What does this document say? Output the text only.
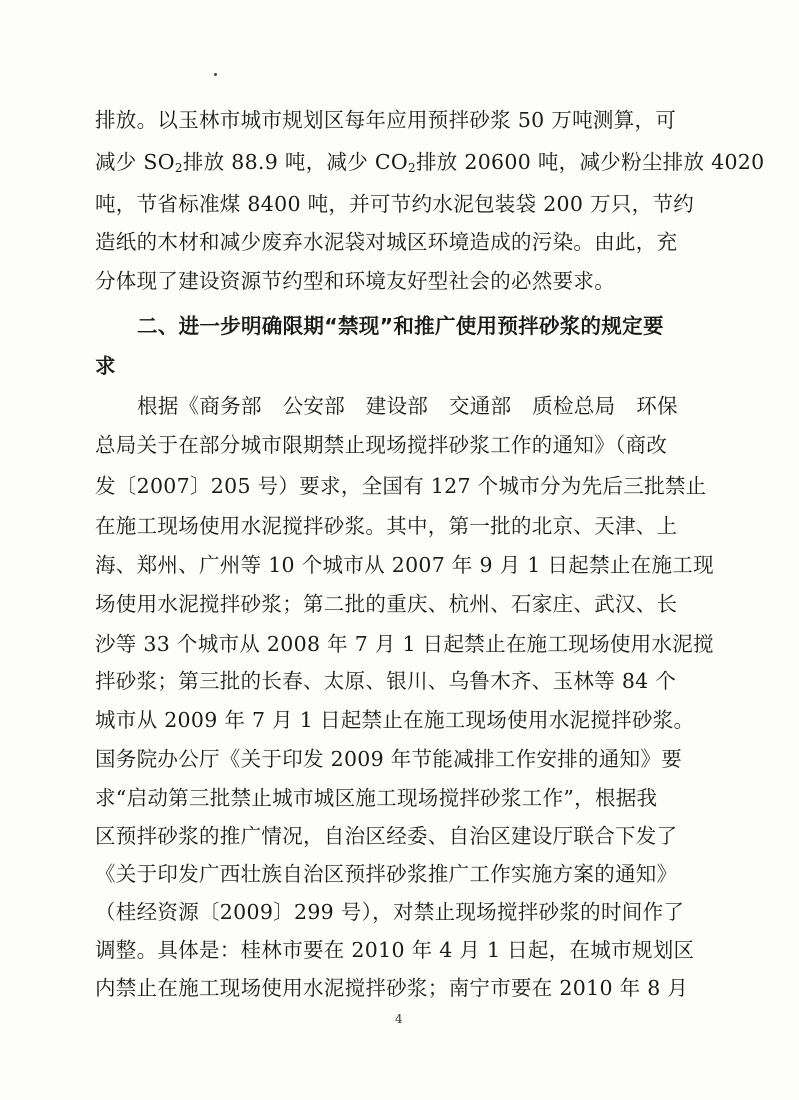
排放。以玉林市城市规划区每年应用预拌砂浆 50 万吨测算，可
减少 $SO_2$排放 88.9 吨，减少 $CO_2$排放 20600 吨，减少粉尘排放 4020
吨，节省标准煤 8400 吨，并可节约水泥包装袋 200 万只，节约
造纸的木材和减少废弃水泥袋对城区环境造成的污染。由此，充
分体现了建设资源节约型和环境友好型社会的必然要求。
二、进一步明确限期“禁现”和推广使用预拌砂浆的规定要
求
根据《商务部　公安部　建设部　交通部　质检总局　环保
总局关于在部分城市限期禁止现场搅拌砂浆工作的通知》（商改
发〔2007〕205 号）要求，全国有 127 个城市分为先后三批禁止
在施工现场使用水泥搅拌砂浆。其中，第一批的北京、天津、上
海、郑州、广州等 10 个城市从 2007 年 9 月 1 日起禁止在施工现
场使用水泥搅拌砂浆；第二批的重庆、杭州、石家庄、武汉、长
沙等 33 个城市从 2008 年 7 月 1 日起禁止在施工现场使用水泥搅
拌砂浆；第三批的长春、太原、银川、乌鲁木齐、玉林等 84 个
城市从 2009 年 7 月 1 日起禁止在施工现场使用水泥搅拌砂浆。
国务院办公厅《关于印发 2009 年节能减排工作安排的通知》要
求“启动第三批禁止城市城区施工现场搅拌砂浆工作”，根据我
区预拌砂浆的推广情况，自治区经委、自治区建设厅联合下发了
《关于印发广西壮族自治区预拌砂浆推广工作实施方案的通知》
（桂经资源〔2009〕299 号），对禁止现场搅拌砂浆的时间作了
调整。具体是：桂林市要在 2010 年 4 月 1 日起，在城市规划区
内禁止在施工现场使用水泥搅拌砂浆；南宁市要在 2010 年 8 月
4
